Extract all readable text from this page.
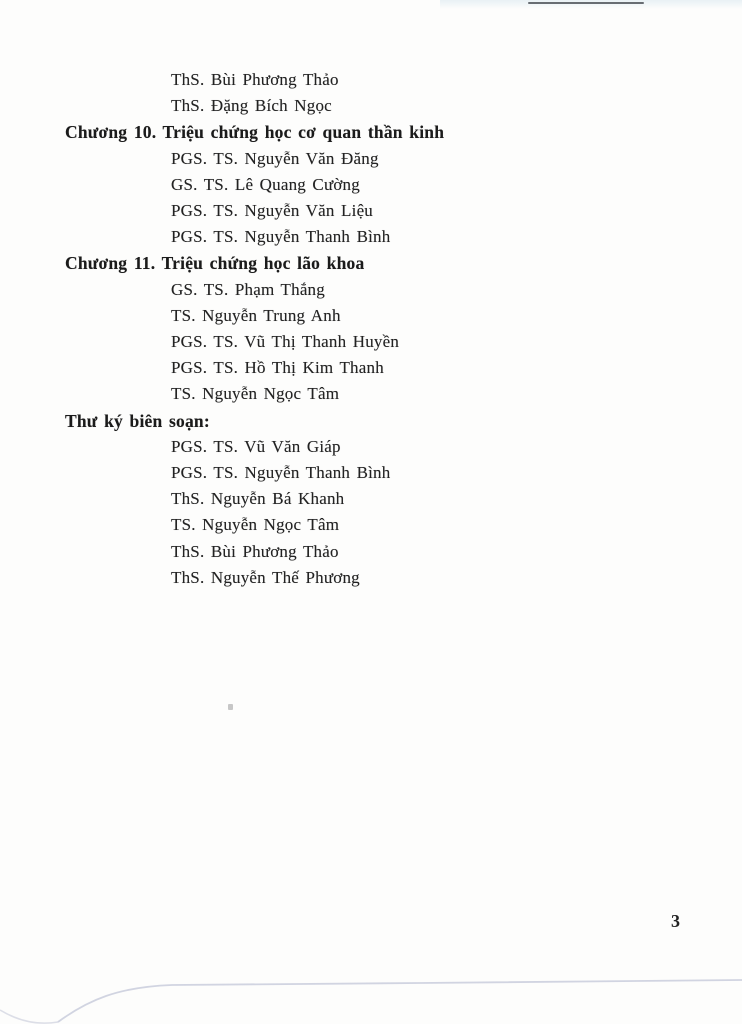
ThS. Bùi Phương Thảo
ThS. Đặng Bích Ngọc
Chương 10. Triệu chứng học cơ quan thần kinh
PGS. TS. Nguyễn Văn Đăng
GS. TS. Lê Quang Cường
PGS. TS. Nguyễn Văn Liệu
PGS. TS. Nguyễn Thanh Bình
Chương 11. Triệu chứng học lão khoa
GS. TS. Phạm Thắng
TS. Nguyễn Trung Anh
PGS. TS. Vũ Thị Thanh Huyền
PGS. TS. Hồ Thị Kim Thanh
TS. Nguyễn Ngọc Tâm
Thư ký biên soạn:
PGS. TS. Vũ Văn Giáp
PGS. TS. Nguyễn Thanh Bình
ThS. Nguyễn Bá Khanh
TS. Nguyễn Ngọc Tâm
ThS. Bùi Phương Thảo
ThS. Nguyễn Thế Phương
3
